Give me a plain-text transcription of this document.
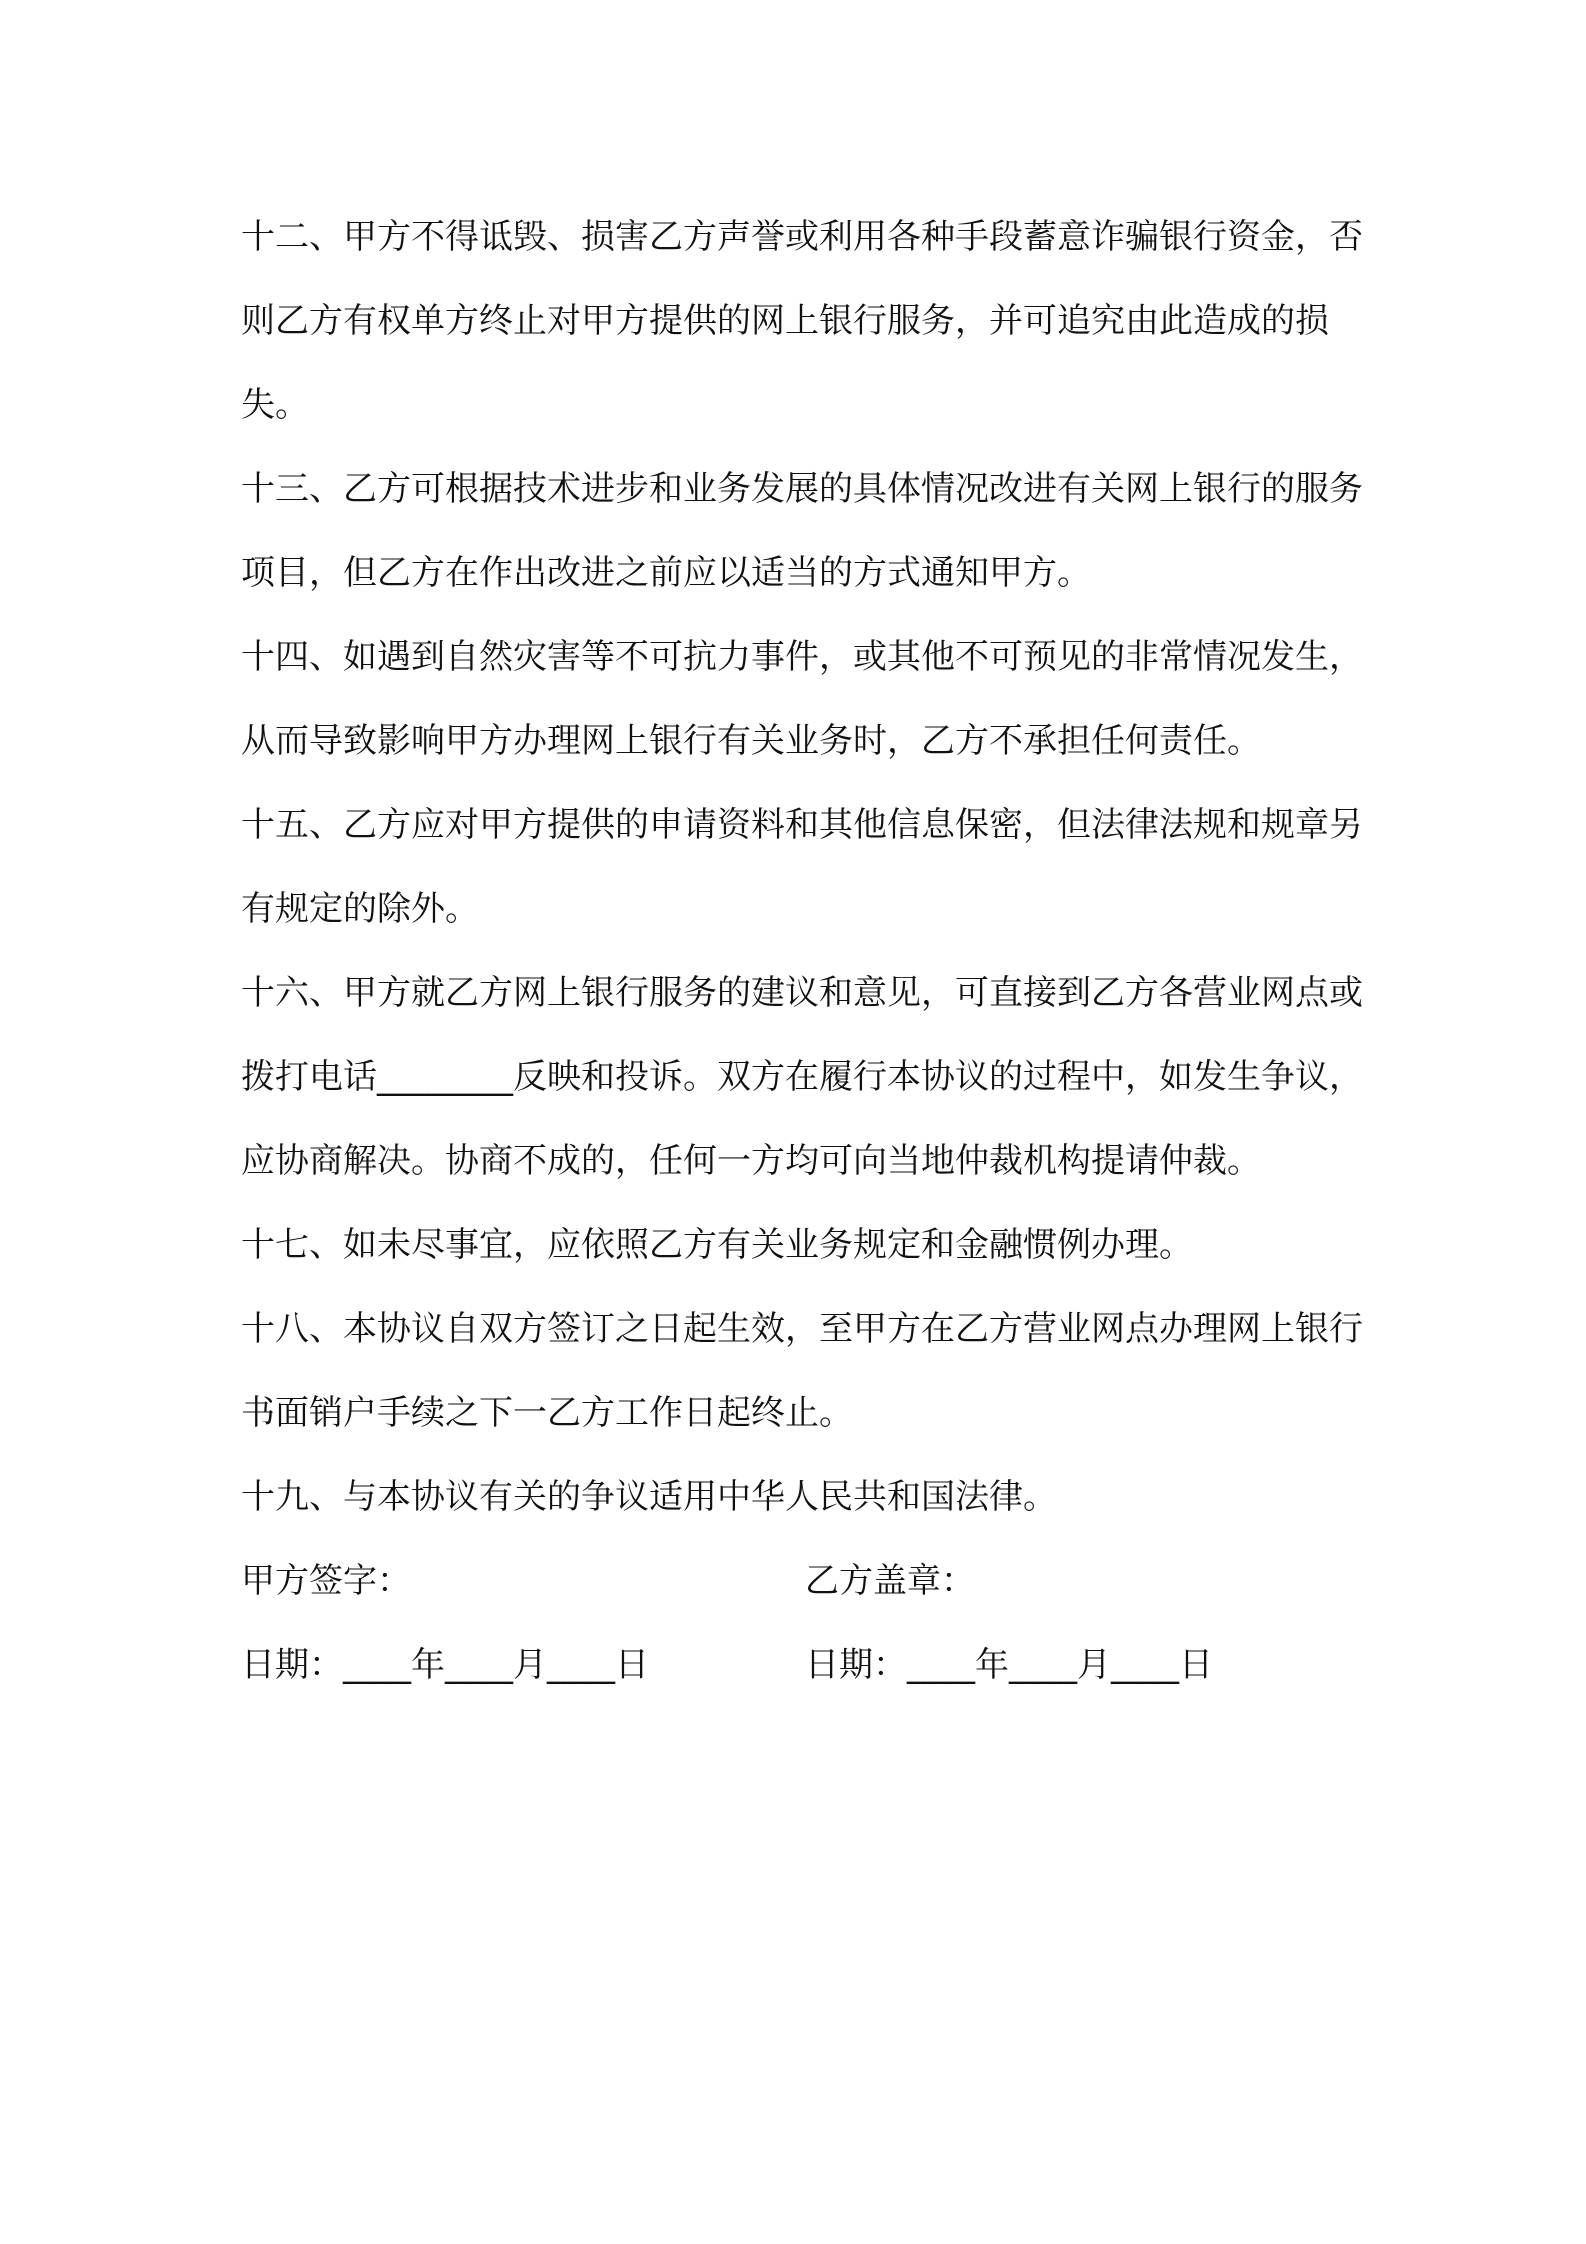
十二、甲方不得诋毁、损害乙方声誉或利用各种手段蓄意诈骗银行资金，否则乙方有权单方终止对甲方提供的网上银行服务，并可追究由此造成的损失。

十三、乙方可根据技术进步和业务发展的具体情况改进有关网上银行的服务项目，但乙方在作出改进之前应以适当的方式通知甲方。

十四、如遇到自然灾害等不可抗力事件，或其他不可预见的非常情况发生，从而导致影响甲方办理网上银行有关业务时，乙方不承担任何责任。

十五、乙方应对甲方提供的申请资料和其他信息保密，但法律法规和规章另有规定的除外。

十六、甲方就乙方网上银行服务的建议和意见，可直接到乙方各营业网点或拨打电话________反映和投诉。双方在履行本协议的过程中，如发生争议，应协商解决。协商不成的，任何一方均可向当地仲裁机构提请仲裁。

十七、如未尽事宜，应依照乙方有关业务规定和金融惯例办理。

十八、本协议自双方签订之日起生效，至甲方在乙方营业网点办理网上银行书面销户手续之下一乙方工作日起终止。

十九、与本协议有关的争议适用中华人民共和国法律。

甲方签字：	乙方盖章：
日期：____年____月____日	日期：____年____月____日
